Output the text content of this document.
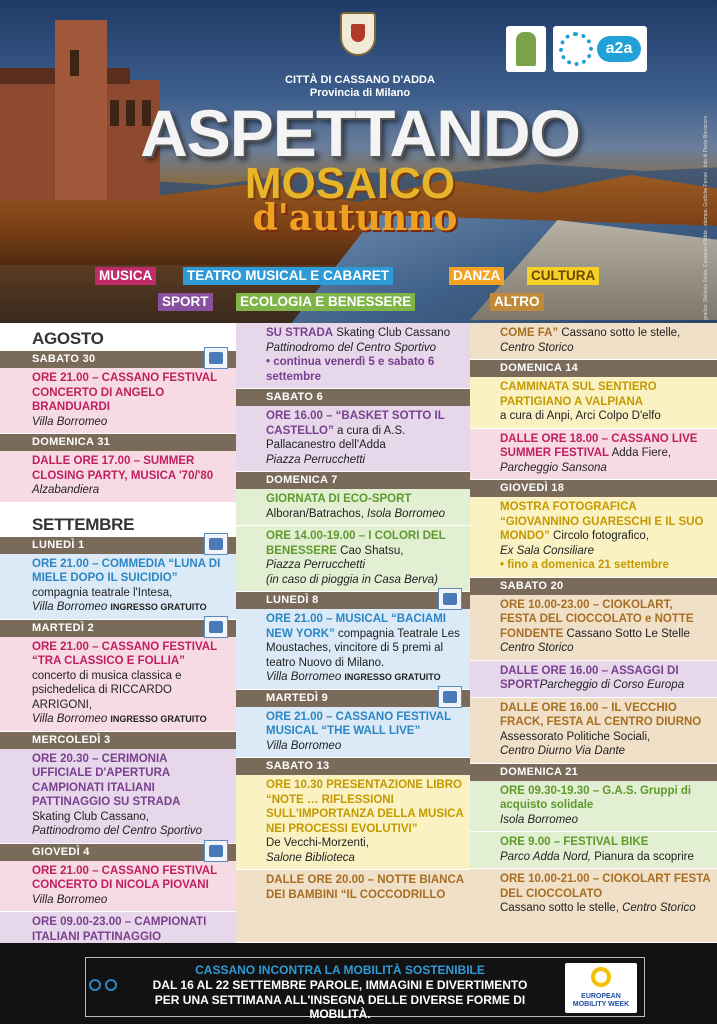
CITTÀ DI CASSANO D'ADDA
Provincia di Milano
a2a
ASPETTANDO
MOSAICO
d'autunno	grafica: Stefania Sesta, Cassano d'Adda · stampa: Grafiche Ferrari · foto di Paolo Borraccini
MUSICA	TEATRO MUSICAL E CABARET	DANZA CULTURA
SPORT ECOLOGIA E BENESSERE	ALTRO
AGOSTO
SABATO 30
ORE 21.00 – CASSANO FESTIVAL CONCERTO DI ANGELO BRANDUARDI
Villa Borromeo
DOMENICA 31
DALLE ORE 17.00 – SUMMER CLOSING PARTY, MUSICA '70/'80
Alzabandiera
SETTEMBRE
LUNEDÌ 1
ORE 21.00 – COMMEDIA “LUNA DI MIELE DOPO IL SUICIDIO”
compagnia teatrale l'Intesa,
Villa Borromeo INGRESSO GRATUITO
MARTEDÌ 2
ORE 21.00 – CASSANO FESTIVAL “TRA CLASSICO E FOLLIA”
concerto di musica classica e psichedelica di RICCARDO ARRIGONI,
Villa Borromeo INGRESSO GRATUITO
MERCOLEDÌ 3
ORE 20.30 – CERIMONIA UFFICIALE D'APERTURA CAMPIONATI ITALIANI PATTINAGGIO SU STRADA
Skating Club Cassano,
Pattinodromo del Centro Sportivo
GIOVEDÌ 4
ORE 21.00 – CASSANO FESTIVAL CONCERTO DI NICOLA PIOVANI
Villa Borromeo
ORE 09.00-23.00 – CAMPIONATI ITALIANI PATTINAGGIO
SU STRADA Skating Club Cassano
Pattinodromo del Centro Sportivo
• continua venerdì 5 e sabato 6 settembre
SABATO 6
ORE 16.00 – “BASKET SOTTO IL CASTELLO” a cura di A.S. Pallacanestro dell'Adda
Piazza Perrucchetti
DOMENICA 7
GIORNATA DI ECO-SPORT
Alboran/Batrachos, Isola Borromeo
ORE 14.00-19.00 – I COLORI DEL BENESSERE Cao Shatsu,
Piazza Perrucchetti
(in caso di pioggia in Casa Berva)
LUNEDÌ 8
ORE 21.00 – MUSICAL “BACIAMI NEW YORK” compagnia Teatrale Les Moustaches, vincitore di 5 premi al teatro Nuovo di Milano.
Villa Borromeo INGRESSO GRATUITO
MARTEDÌ 9
ORE 21.00 – CASSANO FESTIVAL MUSICAL “THE WALL LIVE”
Villa Borromeo
SABATO 13
ORE 10.30 PRESENTAZIONE LIBRO “NOTE … RIFLESSIONI SULL'IMPORTANZA DELLA MUSICA NEI PROCESSI EVOLUTIVI”
De Vecchi-Morzenti,
Salone Biblioteca
DALLE ORE 20.00 – NOTTE BIANCA DEI BAMBINI “IL COCCODRILLO
COME FA” Cassano sotto le stelle,
Centro Storico
DOMENICA 14
CAMMINATA SUL SENTIERO PARTIGIANO A VALPIANA
a cura di Anpi, Arci Colpo D'elfo
DALLE ORE 18.00 – CASSANO LIVE SUMMER FESTIVAL Adda Fiere,
Parcheggio Sansona
GIOVEDÌ 18
MOSTRA FOTOGRAFICA “GIOVANNINO GUARESCHI E IL SUO MONDO” Circolo fotografico,
Ex Sala Consiliare
• fino a domenica 21 settembre
SABATO 20
ORE 10.00-23.00 – CIOKOLART, FESTA DEL CIOCCOLATO e NOTTE FONDENTE Cassano Sotto Le Stelle
Centro Storico
DALLE ORE 16.00 – ASSAGGI DI SPORTParcheggio di Corso Europa
DALLE ORE 16.00 – IL VECCHIO FRACK, FESTA AL CENTRO DIURNO
Assessorato Politiche Sociali,
Centro Diurno Via Dante
DOMENICA 21
ORE 09.30-19.30 – G.A.S. Gruppi di acquisto solidale
Isola Borromeo
ORE 9.00 – FESTIVAL BIKE
Parco Adda Nord, Pianura da scoprire
ORE 10.00-21.00 – CIOKOLART FESTA DEL CIOCCOLATO
Cassano sotto le stelle, Centro Storico
CASSANO INCONTRA LA MOBILITÀ SOSTENIBILE
DAL 16 AL 22 SETTEMBRE PAROLE, IMMAGINI E DIVERTIMENTO
PER UNA SETTIMANA ALL'INSEGNA DELLE DIVERSE FORME DI MOBILITÀ.
EUROPEAN MOBILITY WEEK
